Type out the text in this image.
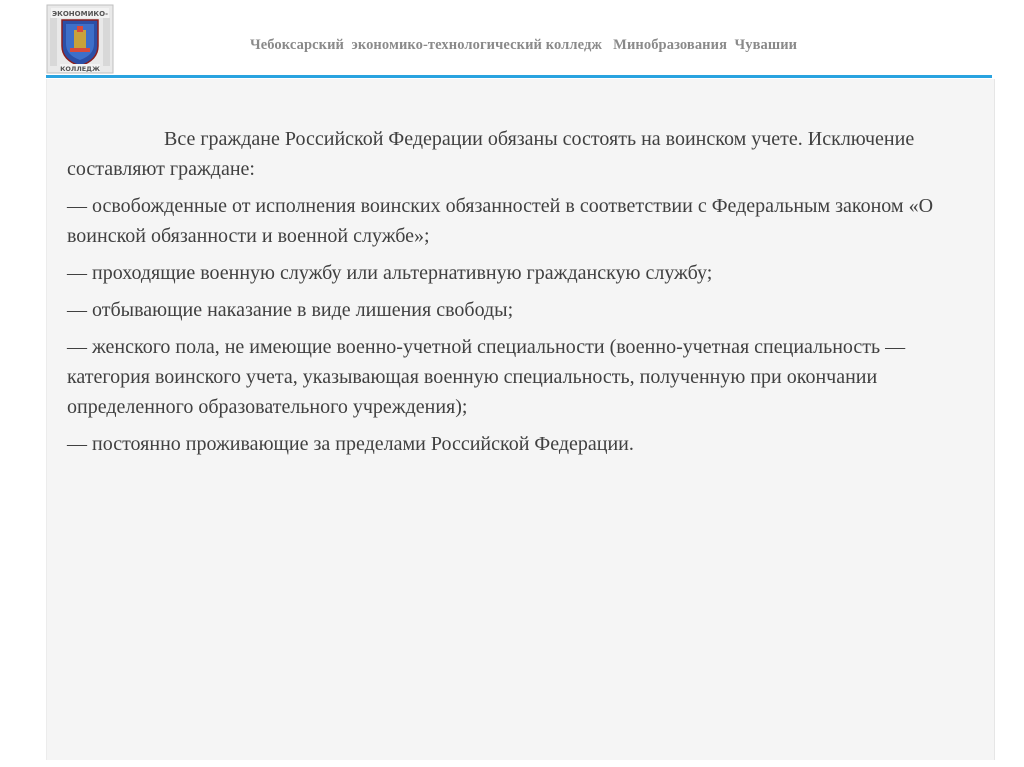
ЭКОНОМИКО-
КОЛЛЕДЖ
Чебоксарский  экономико-технологический колледж   Минобразования  Чувашии

Все граждане Российской Федерации обязаны состоять на воинском учете. Исключение составляют граждане:

— освобожденные от исполнения воинских обязанностей в соответствии с Федеральным законом «О воинской обязанности и военной службе»;

— проходящие военную службу или альтернативную гражданскую службу;

— отбывающие наказание в виде лишения свободы;

— женского пола, не имеющие военно-учетной специальности (военно-учетная специальность — категория воинского учета, указывающая военную специальность, полученную при окончании определенного образовательного учреждения);

— постоянно проживающие за пределами Российской Федерации.
